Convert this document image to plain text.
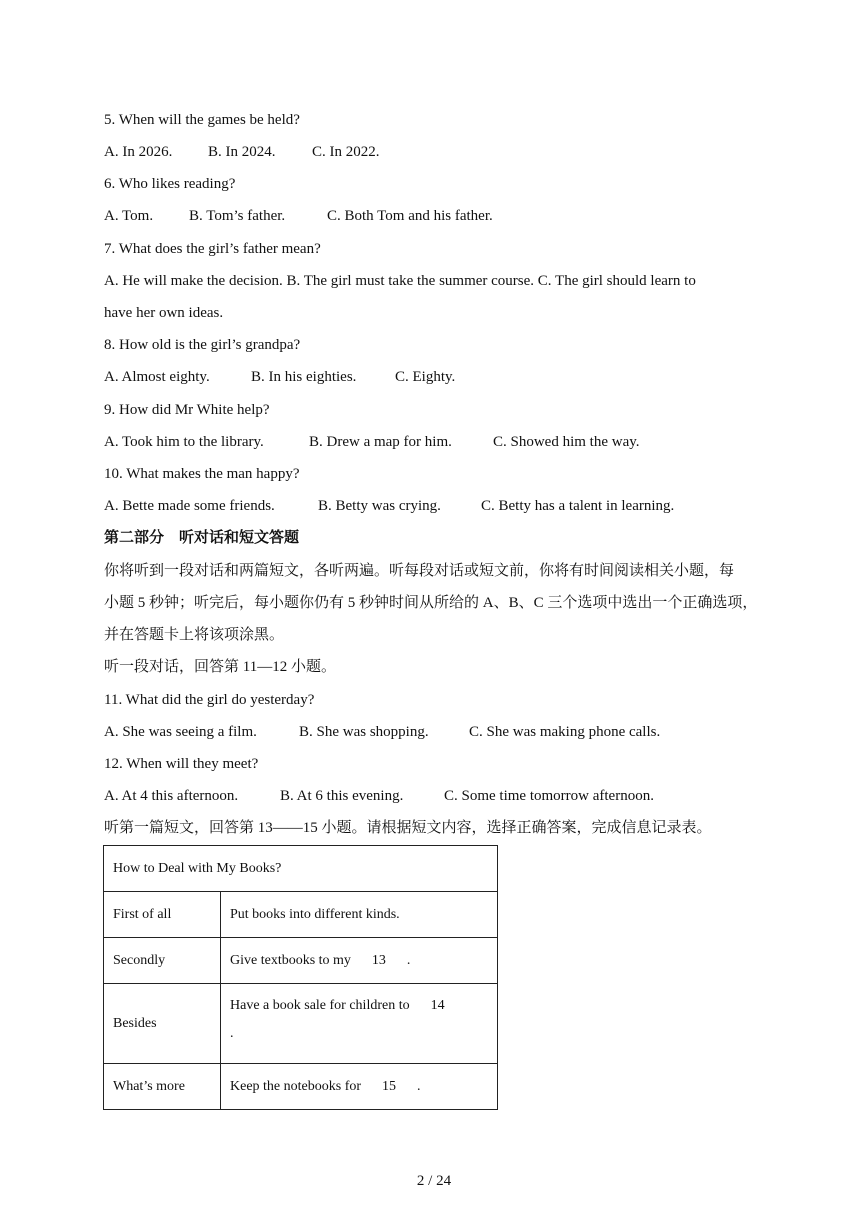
5. When will the games be held?
A. In 2026. B. In 2024. C. In 2022.
6. Who likes reading?
A. Tom. B. Tom’s father.	C. Both Tom and his father.
7. What does the girl’s father mean?
A. He will make the decision. B. The girl must take the summer course. C. The girl should learn to
have her own ideas.
8. How old is the girl’s grandpa?
A. Almost eighty.	B. In his eighties.	C. Eighty.
9. How did Mr White help?
A. Took him to the library.	B. Drew a map for him.	C. Showed him the way.
10. What makes the man happy?
A. Bette made some friends.	B. Betty was crying.	C. Betty has a talent in learning.
第二部分　听对话和短文答题
你将听到一段对话和两篇短文，各听两遍。听每段对话或短文前，你将有时间阅读相关小题，每
小题 5 秒钟；听完后，每小题你仍有 5 秒钟时间从所给的 A、B、C 三个选项中选出一个正确选项，
并在答题卡上将该项涂黑。
听一段对话，回答第 11—12 小题。
11. What did the girl do yesterday?
A. She was seeing a film.	B. She was shopping.	C. She was making phone calls.
12. When will they meet?
A. At 4 this afternoon.	B. At 6 this evening.	C. Some time tomorrow afternoon.
听第一篇短文，回答第 13——15 小题。请根据短文内容，选择正确答案，完成信息记录表。
How to Deal with My Books?	
First of all	Put books into different kinds.
Secondly	Give textbooks to my      13      .
Besides	Have a book sale for children to      14
.

What’s more	Keep the notebooks for      15      .
2 / 24
